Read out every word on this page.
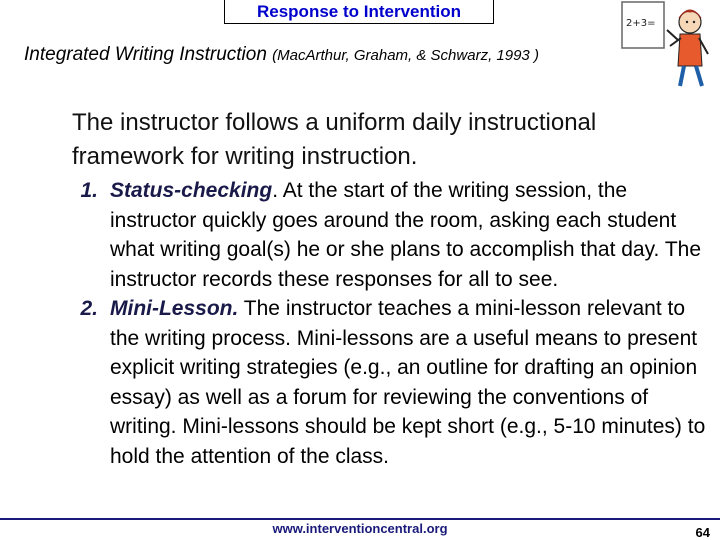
Response to Intervention
Integrated Writing Instruction (MacArthur, Graham, & Schwarz, 1993 )
2+3=
The instructor follows a uniform daily instructional framework for writing instruction.
1. Status-checking. At the start of the writing session, the instructor quickly goes around the room, asking each student what writing goal(s) he or she plans to accomplish that day. The instructor records these responses for all to see.
2. Mini-Lesson. The instructor teaches a mini-lesson relevant to the writing process. Mini-lessons are a useful means to present explicit writing strategies (e.g., an outline for drafting an opinion essay) as well as a forum for reviewing the conventions of writing. Mini-lessons should be kept short (e.g., 5-10 minutes) to hold the attention of the class.
www.interventioncentral.org	64
